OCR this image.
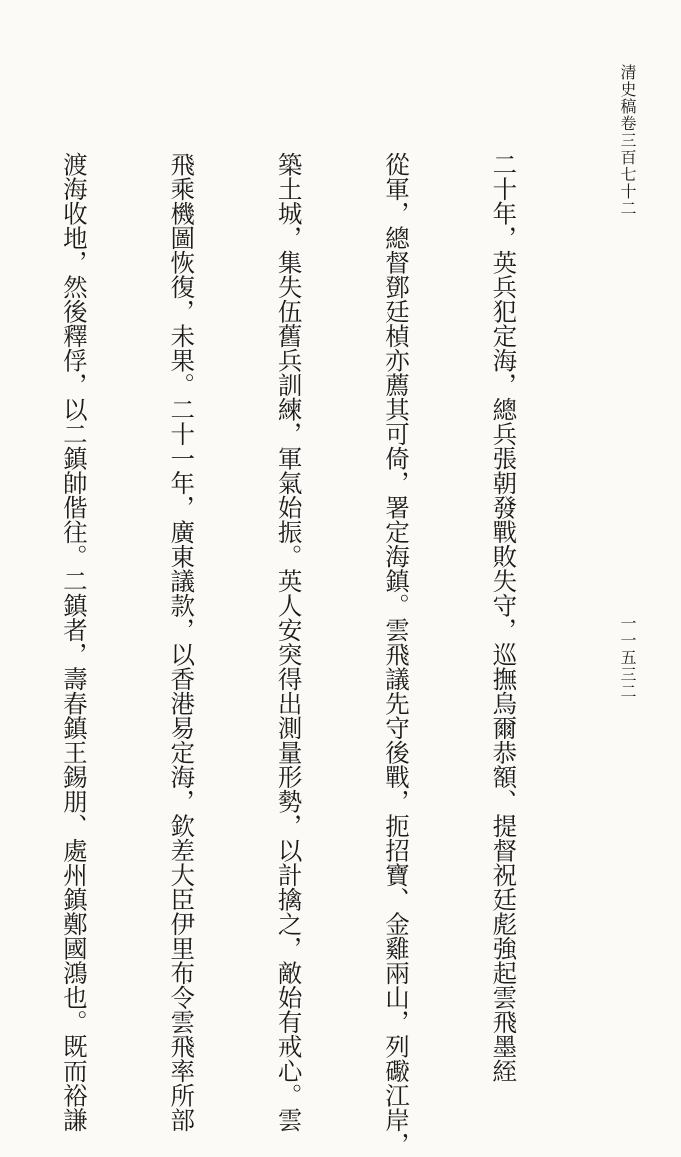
清史稿卷三百七十二
一一五三二

二十年，英兵犯定海，總兵張朝發戰敗失守，巡撫烏爾恭額、提督祝廷彪強起雲飛墨絰

從軍，總督鄧廷楨亦薦其可倚，署定海鎮。雲飛議先守後戰，扼招寶、金雞兩山，列礮江岸，

築土城，集失伍舊兵訓練，軍氣始振。英人安突得出測量形勢，以計擒之，敵始有戒心。雲

飛乘機圖恢復，未果。二十一年，廣東議款，以香港易定海，欽差大臣伊里布令雲飛率所部

渡海收地，然後釋俘，以二鎮帥偕往。二鎮者，壽春鎮王錫朋、處州鎮鄭國鴻也。既而裕謙
